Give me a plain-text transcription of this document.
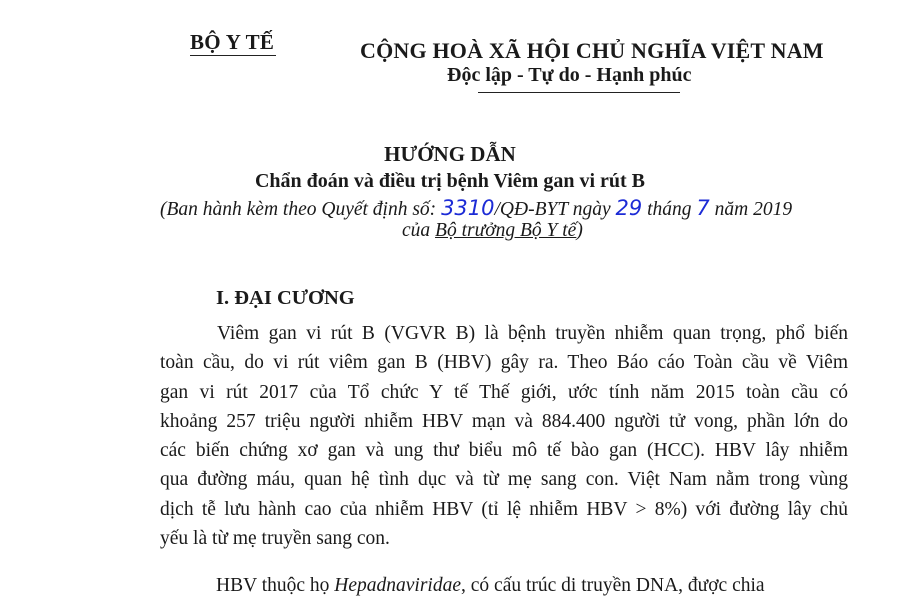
BỘ Y TẾ	CỘNG HOÀ XÃ HỘI CHỦ NGHĨA VIỆT NAM
Độc lập - Tự do - Hạnh phúc
HƯỚNG DẪN
Chẩn đoán và điều trị bệnh Viêm gan vi rút B
(Ban hành kèm theo Quyết định số: 3310/QĐ-BYT ngày 29 tháng 7 năm 2019
của Bộ trưởng Bộ Y tế)
I. ĐẠI CƯƠNG
Viêm gan vi rút B (VGVR B) là bệnh truyền nhiễm quan trọng, phổ biến
toàn cầu, do vi rút viêm gan B (HBV) gây ra. Theo Báo cáo Toàn cầu về Viêm
gan vi rút 2017 của Tổ chức Y tế Thế giới, ước tính năm 2015 toàn cầu có
khoảng 257 triệu người nhiễm HBV mạn và 884.400 người tử vong, phần lớn do
các biến chứng xơ gan và ung thư biểu mô tế bào gan (HCC). HBV lây nhiễm
qua đường máu, quan hệ tình dục và từ mẹ sang con. Việt Nam nằm trong vùng
dịch tễ lưu hành cao của nhiễm HBV (tỉ lệ nhiễm HBV > 8%) với đường lây chủ
yếu là từ mẹ truyền sang con.
HBV thuộc họ Hepadnaviridae, có cấu trúc di truyền DNA, được chia
